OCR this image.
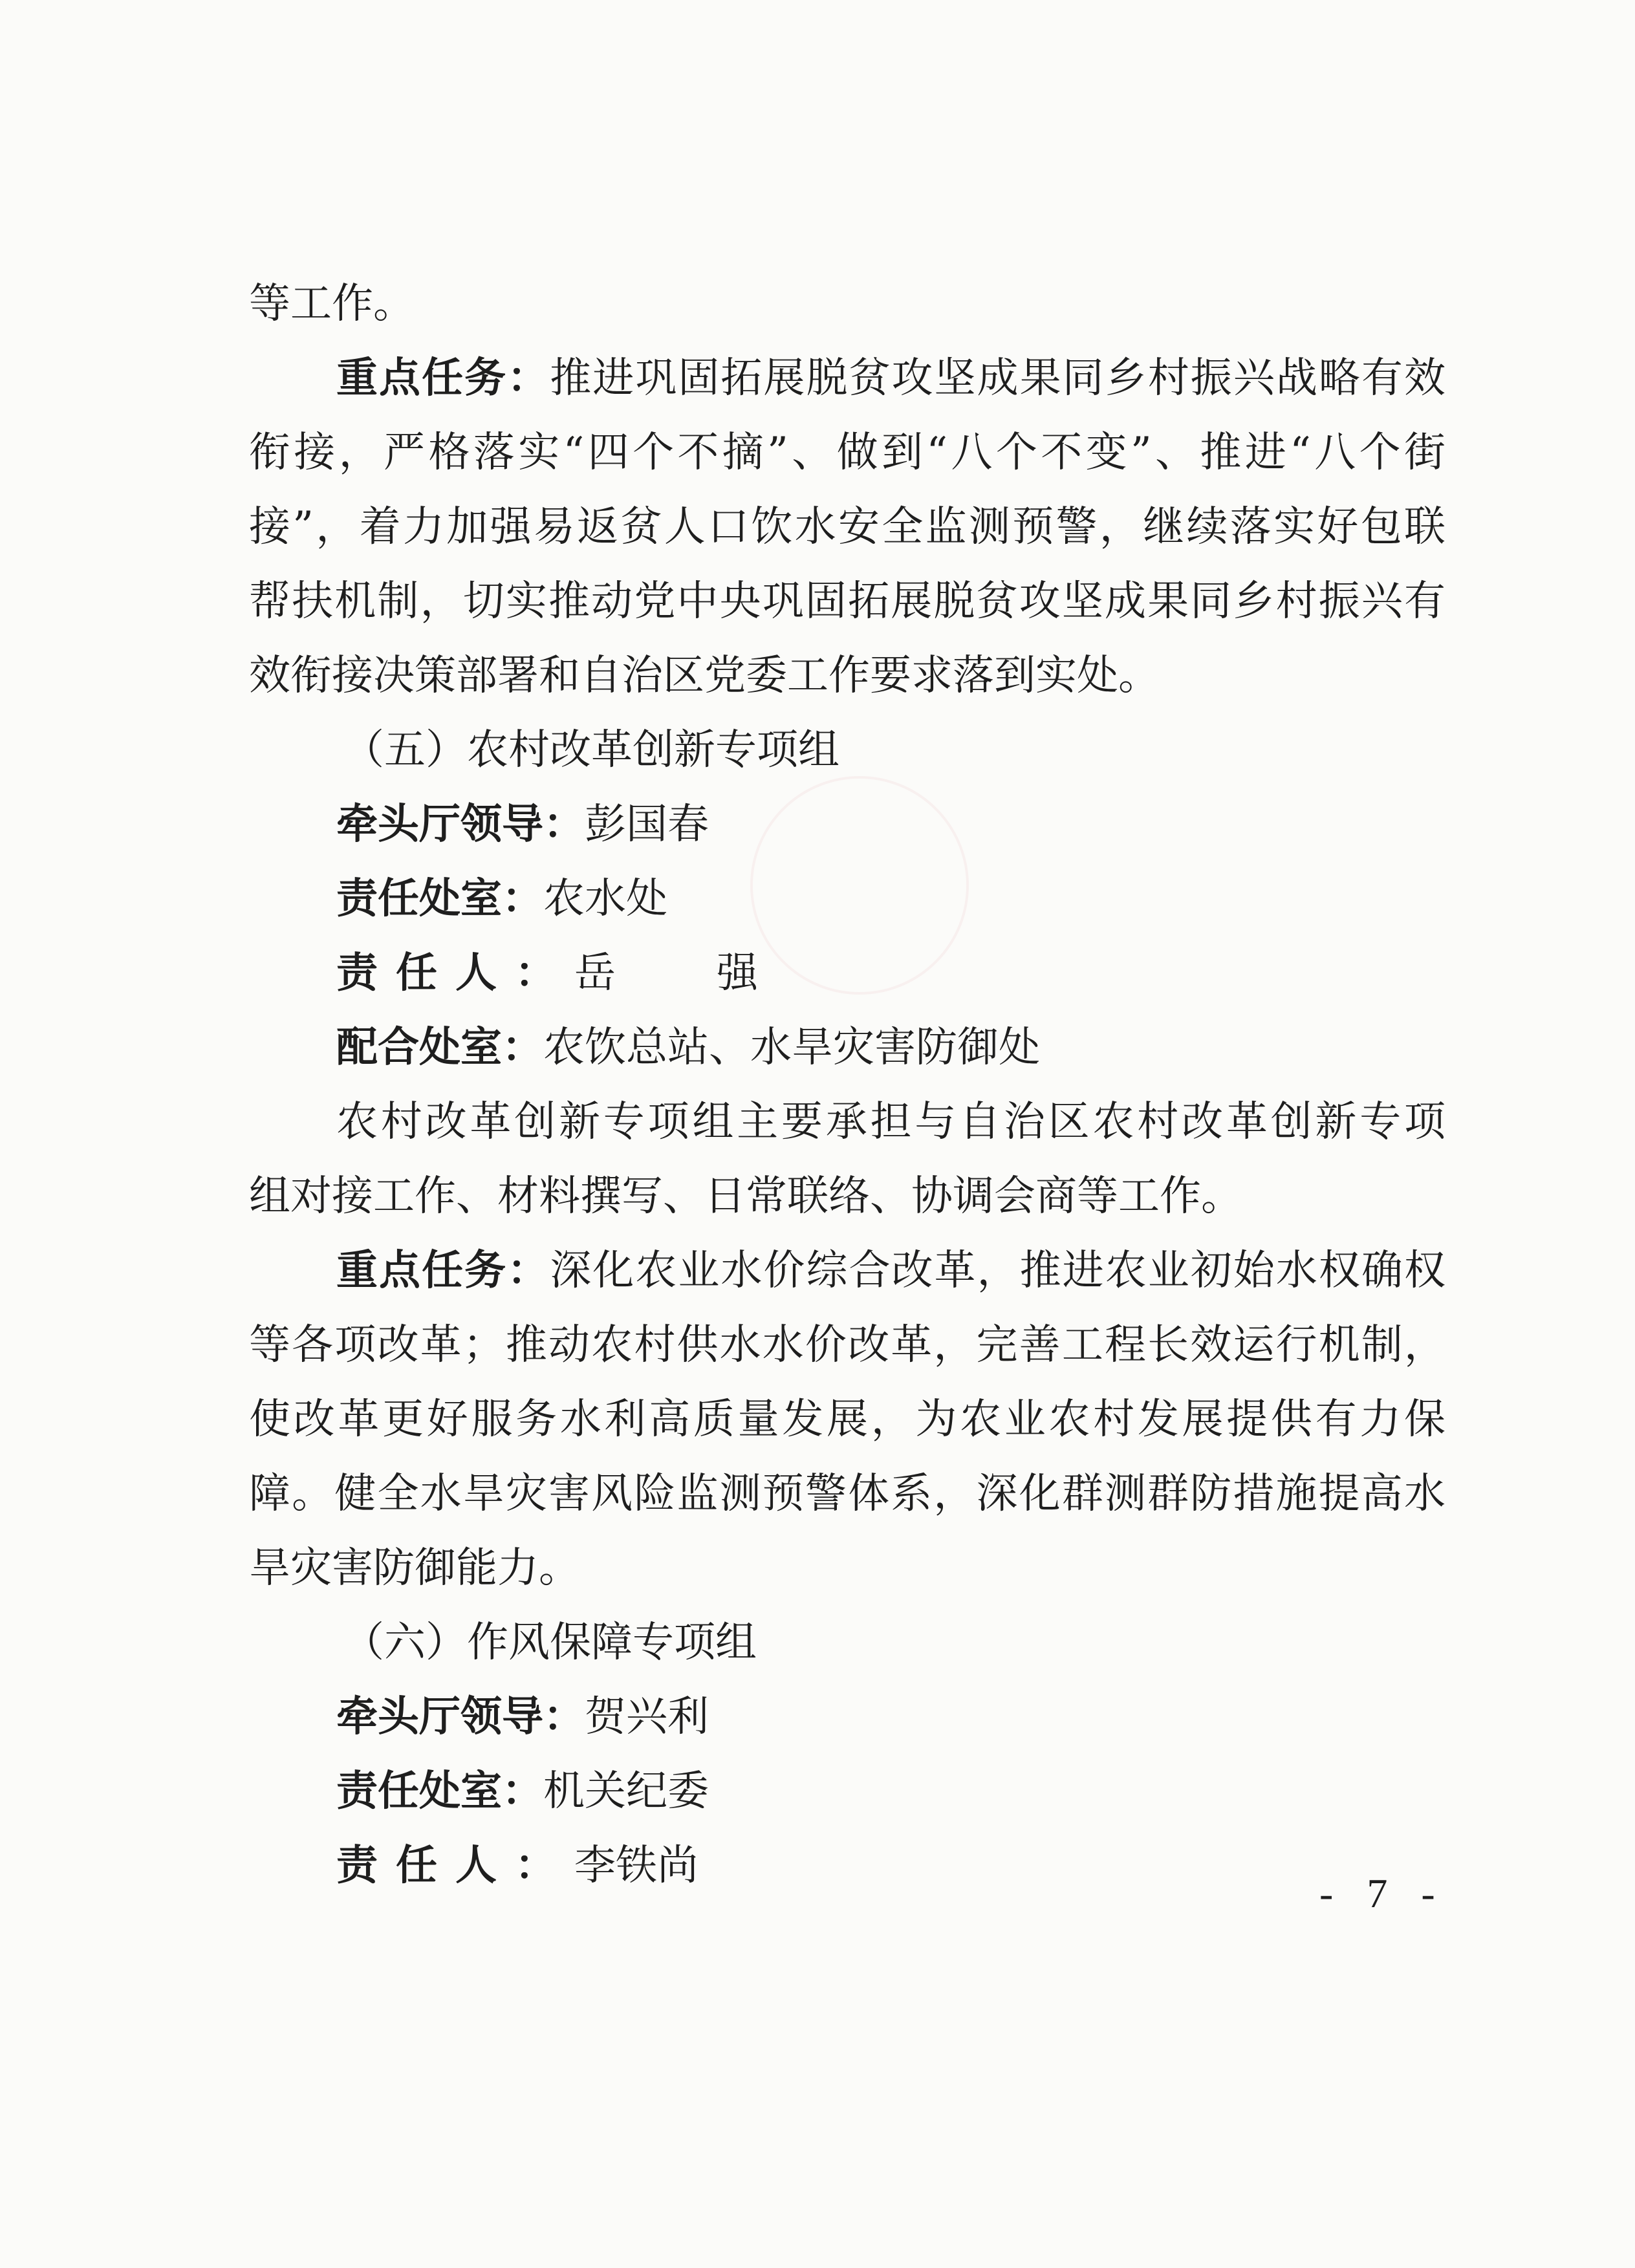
等工作。
重点任务：推进巩固拓展脱贫攻坚成果同乡村振兴战略有效
衔接，严格落实“四个不摘”、做到“八个不变”、推进“八个街
接”，着力加强易返贫人口饮水安全监测预警，继续落实好包联
帮扶机制，切实推动党中央巩固拓展脱贫攻坚成果同乡村振兴有
效衔接决策部署和自治区党委工作要求落到实处。
（五）农村改革创新专项组
牵头厅领导：彭国春
责任处室：农水处
责任人：岳　强
配合处室：农饮总站、水旱灾害防御处
农村改革创新专项组主要承担与自治区农村改革创新专项
组对接工作、材料撰写、日常联络、协调会商等工作。
重点任务：深化农业水价综合改革，推进农业初始水权确权
等各项改革；推动农村供水水价改革，完善工程长效运行机制，
使改革更好服务水利高质量发展，为农业农村发展提供有力保
障。健全水旱灾害风险监测预警体系，深化群测群防措施提高水
旱灾害防御能力。
（六）作风保障专项组
牵头厅领导：贺兴利
责任处室：机关纪委
责任人：李铁尚
- 7 -
